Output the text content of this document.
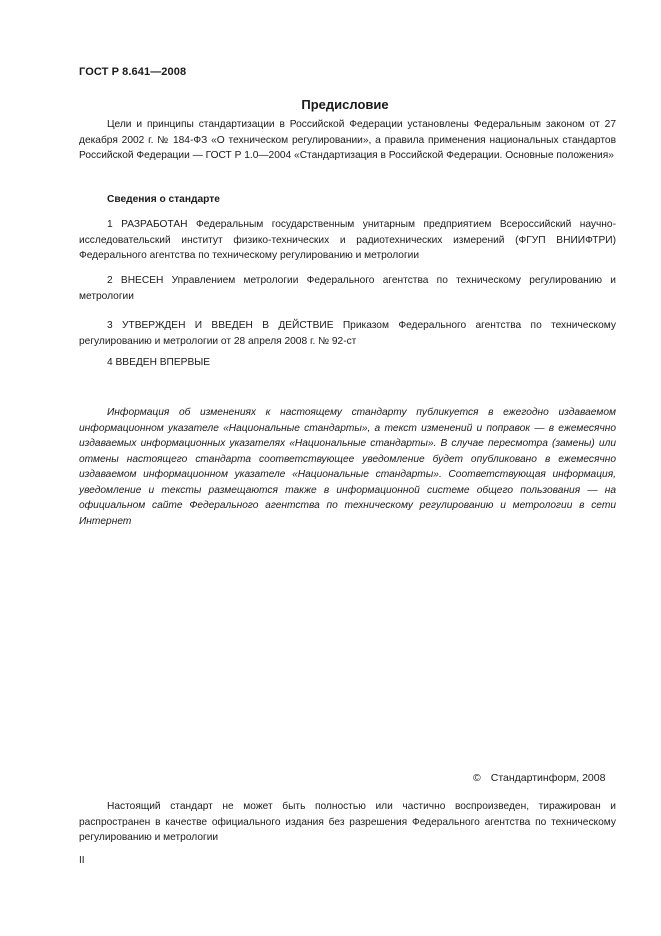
ГОСТ Р 8.641—2008
Предисловие

Цели и принципы стандартизации в Российской Федерации установлены Федеральным законом от 27 декабря 2002 г. № 184-ФЗ «О техническом регулировании», а правила применения национальных стандартов Российской Федерации — ГОСТ Р 1.0—2004 «Стандартизация в Российской Федерации. Основные положения»

Сведения о стандарте

1 РАЗРАБОТАН Федеральным государственным унитарным предприятием Всероссийский научно-исследовательский институт физико-технических и радиотехнических измерений (ФГУП ВНИИФТРИ) Федерального агентства по техническому регулированию и метрологии

2 ВНЕСЕН Управлением метрологии Федерального агентства по техническому регулированию и метрологии

3 УТВЕРЖДЕН И ВВЕДЕН В ДЕЙСТВИЕ Приказом Федерального агентства по техническому регулированию и метрологии от 28 апреля 2008 г. № 92-ст

4 ВВЕДЕН ВПЕРВЫЕ

Информация об изменениях к настоящему стандарту публикуется в ежегодно издаваемом информационном указателе «Национальные стандарты», а текст изменений и поправок — в ежемесячно издаваемых информационных указателях «Национальные стандарты». В случае пересмотра (замены) или отмены настоящего стандарта соответствующее уведомление будет опубликовано в ежемесячно издаваемом информационном указателе «Национальные стандарты». Соответствующая информация, уведомление и тексты размещаются также в информационной системе общего пользования — на официальном сайте Федерального агентства по техническому регулированию и метрологии в сети Интернет

© Стандартинформ, 2008

Настоящий стандарт не может быть полностью или частично воспроизведен, тиражирован и распространен в качестве официального издания без разрешения Федерального агентства по техническому регулированию и метрологии

II
